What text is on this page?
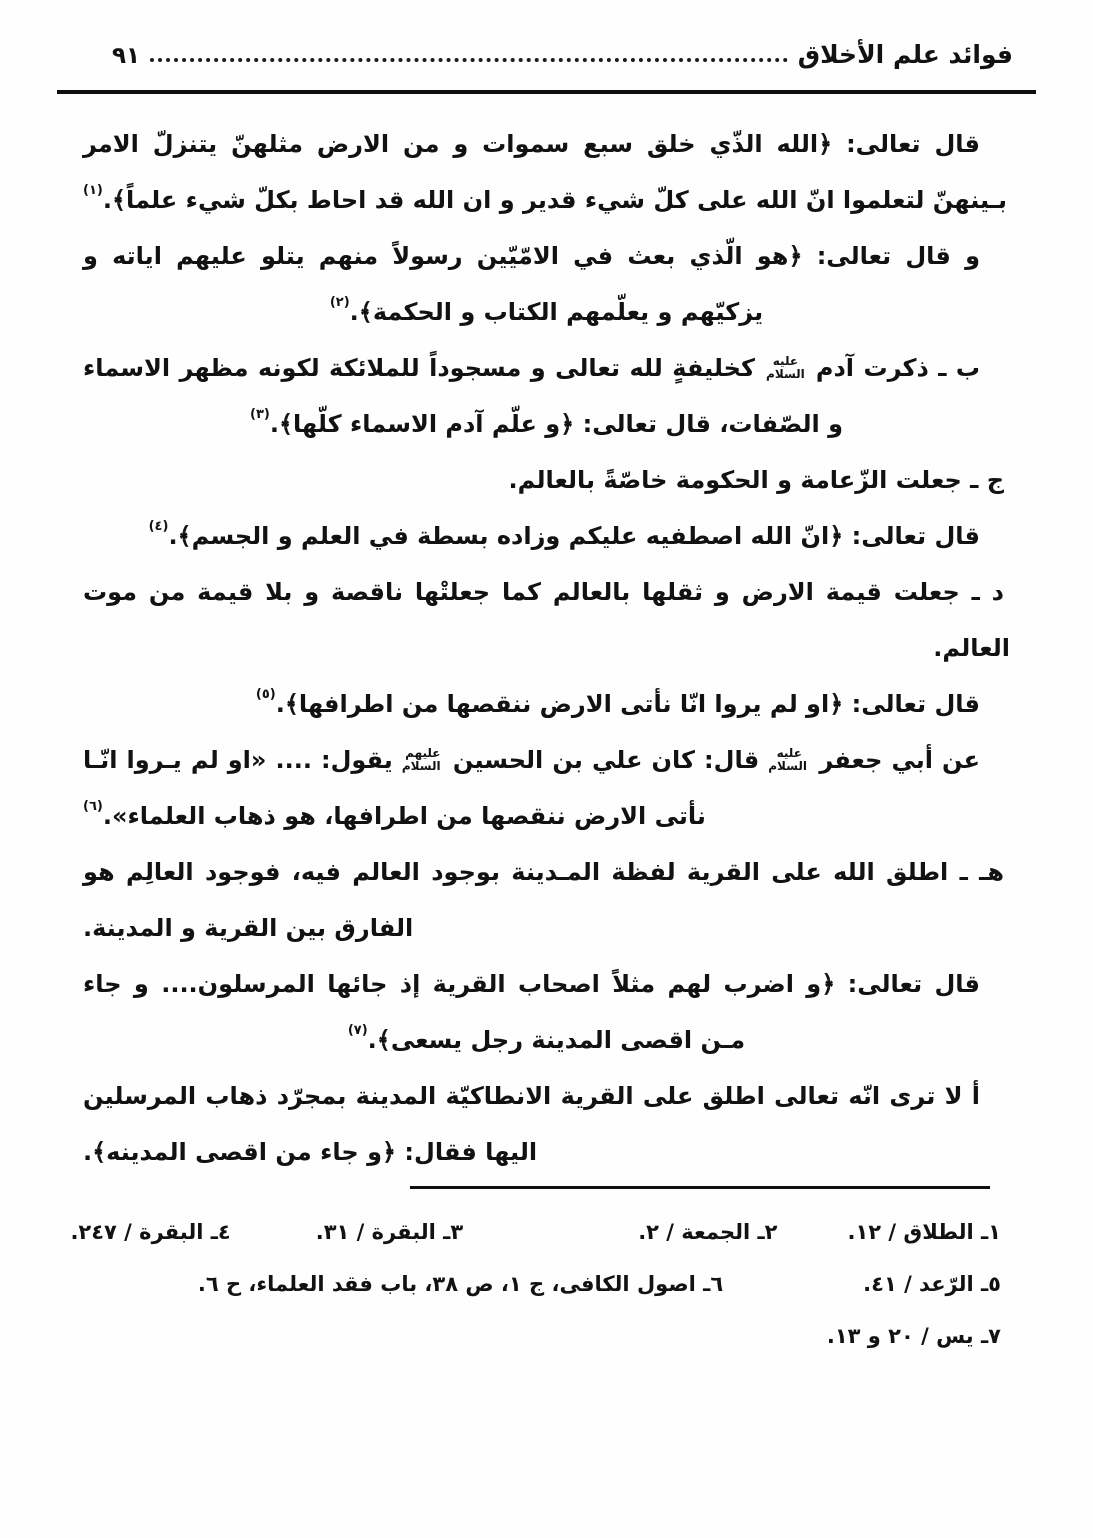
فوائد علم الأخلاق
٩١

قال تعالى: ﴿الله الذّي خلق سبع سموات و من الارض مثلهنّ يتنزلّ الامر بـينهنّ لتعلموا انّ الله على كلّ شيء قدير و ان الله قد احاط بكلّ شيء علماً﴾.$^{(١)}$

و قال تعالى: ﴿هو الّذي بعث في الامّيّين رسولاً منهم يتلو عليهم اياته و يزكيّهم و يعلّمهم الكتاب و الحكمة﴾.$^{(٢)}$

ب ـ ذكرت آدم عليه السلام كخليفةٍ لله تعالى و مسجوداً للملائكة لكونه مظهر الاسماء و الصّفات، قال تعالى: ﴿و علّم آدم الاسماء كلّها﴾.$^{(٣)}$

ج ـ جعلت الزّعامة و الحكومة خاصّةً بالعالم.

قال تعالى: ﴿انّ الله اصطفيه عليكم وزاده بسطة في العلم و الجسم﴾.$^{(٤)}$

د ـ جعلت قيمة الارض و ثقلها بالعالم كما جعلتْها ناقصة و بلا قيمة من موت العالم.

قال تعالى: ﴿او لم يروا انّا نأتى الارض ننقصها من اطرافها﴾.$^{(٥)}$

عن أبي جعفر عليه السلام قال: كان علي بن الحسين عليهم السلام يقول: .... «او لم يـروا انّـا نأتى الارض ننقصها من اطرافها، هو ذهاب العلماء».$^{(٦)}$

هـ ـ اطلق الله على القرية لفظة المـدينة بوجود العالم فيه، فوجود العالِم هو الفارق بين القرية و المدينة.

قال تعالى: ﴿و اضرب لهم مثلاً اصحاب القرية إذ جائها المرسلون.... و جاء مـن اقصى المدينة رجل يسعى﴾.$^{(٧)}$

أ لا ترى انّه تعالى اطلق على القرية الانطاكيّة المدينة بمجرّد ذهاب المرسلين اليها فقال: ﴿و جاء من اقصى المدينه﴾.

١ـ الطلاق / ١٢.
٢ـ الجمعة / ٢.
٣ـ البقرة / ٣١.
٤ـ البقرة / ٢٤٧.
٥ـ الرّعد / ٤١.
٦ـ اصول الكافى، ج ١، ص ٣٨، باب فقد العلماء، ح ٦.
٧ـ يس / ٢٠ و ١٣.
